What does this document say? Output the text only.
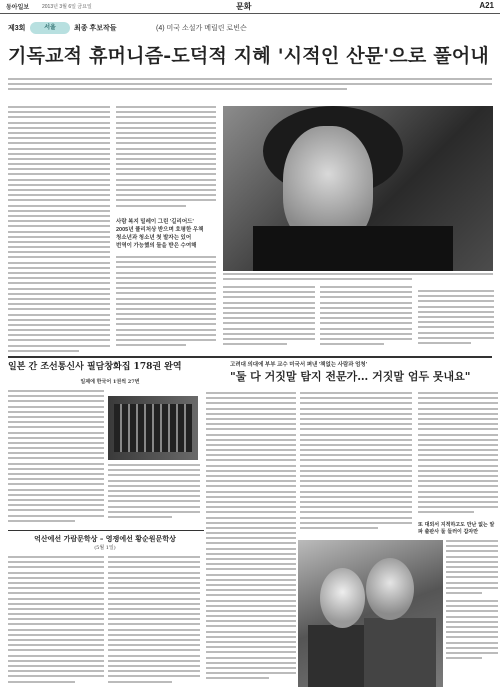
동아일보	2013년 3월 6일 금요일	문화	A21
제3회	서울	최종 후보작들	(4) 미국 소설가 메릴린 로빈슨
기독교적 휴머니즘-도덕적 지혜 '시적인 산문'으로 풀어내

사람 복지 밀레이 그린 '길리어드'

2005년 퓰리처상 받으며 호평한 우책

청소년과 청소년 첫 발자는 있어

번역이 가능했의 둘을 받은 수여해

일본 간 조선통신사 필담창화집 178권 완역
일제에 한국어 1권씩 27번
억산에선 가람문학상 – 영쟁에선 황순원문학상
(5월 1일)
고려대 의대에 부부 교수 미국서 펴낸 '책없는 사람과 엄청'
"둘 다 거짓말 탐지 전문가… 거짓말 엄두 못내요"
또 대외서 지적하고도 만난 없는 알파 출판사 둘 들러이 갑자만
